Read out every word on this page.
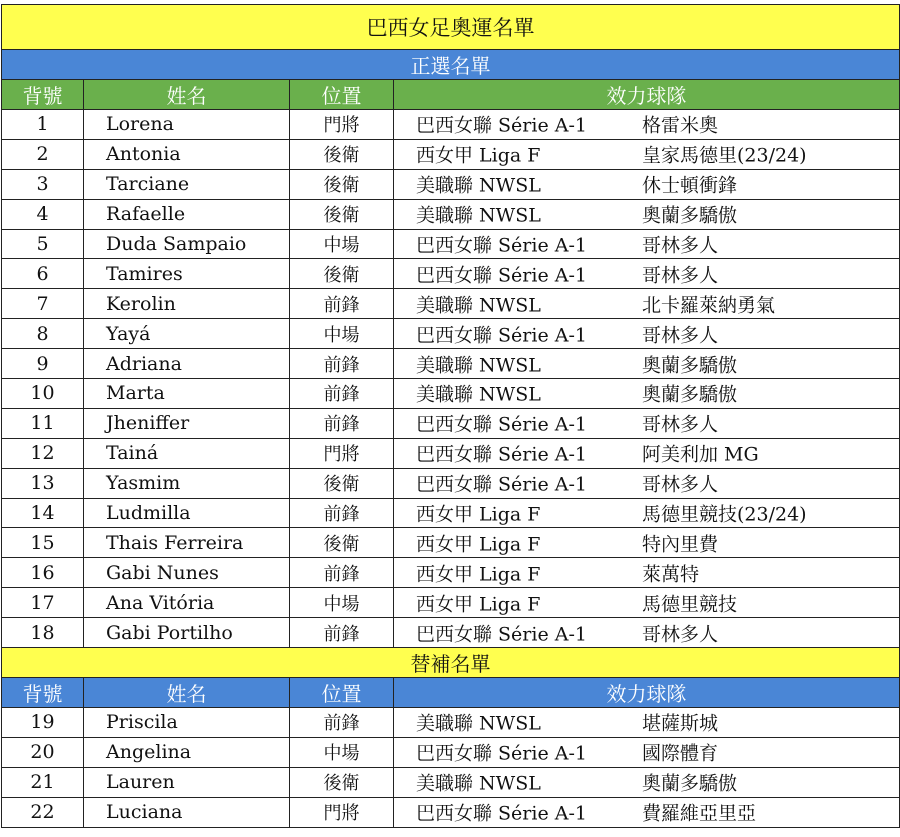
巴西女足奧運名單			
正選名單			
背號	姓名	位置	效力球隊
1	Lorena	門將	巴西女聯 Série A-1 格雷米奧

2	Antonia	後衛	西女甲 Liga F 皇家馬德里(23/24)

3	Tarciane	後衛	美職聯 NWSL 休士頓衝鋒

4	Rafaelle	後衛	美職聯 NWSL 奧蘭多驕傲

5	Duda Sampaio	中場	巴西女聯 Série A-1 哥林多人

6	Tamires	後衛	巴西女聯 Série A-1 哥林多人

7	Kerolin	前鋒	美職聯 NWSL 北卡羅萊納勇氣

8	Yayá	中場	巴西女聯 Série A-1 哥林多人

9	Adriana	前鋒	美職聯 NWSL 奧蘭多驕傲

10	Marta	前鋒	美職聯 NWSL 奧蘭多驕傲

11	Jheniffer	前鋒	巴西女聯 Série A-1 哥林多人

12	Tainá	門將	巴西女聯 Série A-1 阿美利加 MG

13	Yasmim	後衛	巴西女聯 Série A-1 哥林多人

14	Ludmilla	前鋒	西女甲 Liga F 馬德里競技(23/24)

15	Thais Ferreira	後衛	西女甲 Liga F 特內里費

16	Gabi Nunes	前鋒	西女甲 Liga F 萊萬特

17	Ana Vitória	中場	西女甲 Liga F 馬德里競技

18	Gabi Portilho	前鋒	巴西女聯 Série A-1 哥林多人

替補名單			
背號	姓名	位置	效力球隊
19	Priscila	前鋒	美職聯 NWSL 堪薩斯城

20	Angelina	中場	巴西女聯 Série A-1 國際體育

21	Lauren	後衛	美職聯 NWSL 奧蘭多驕傲

22	Luciana	門將	巴西女聯 Série A-1 費羅維亞里亞
